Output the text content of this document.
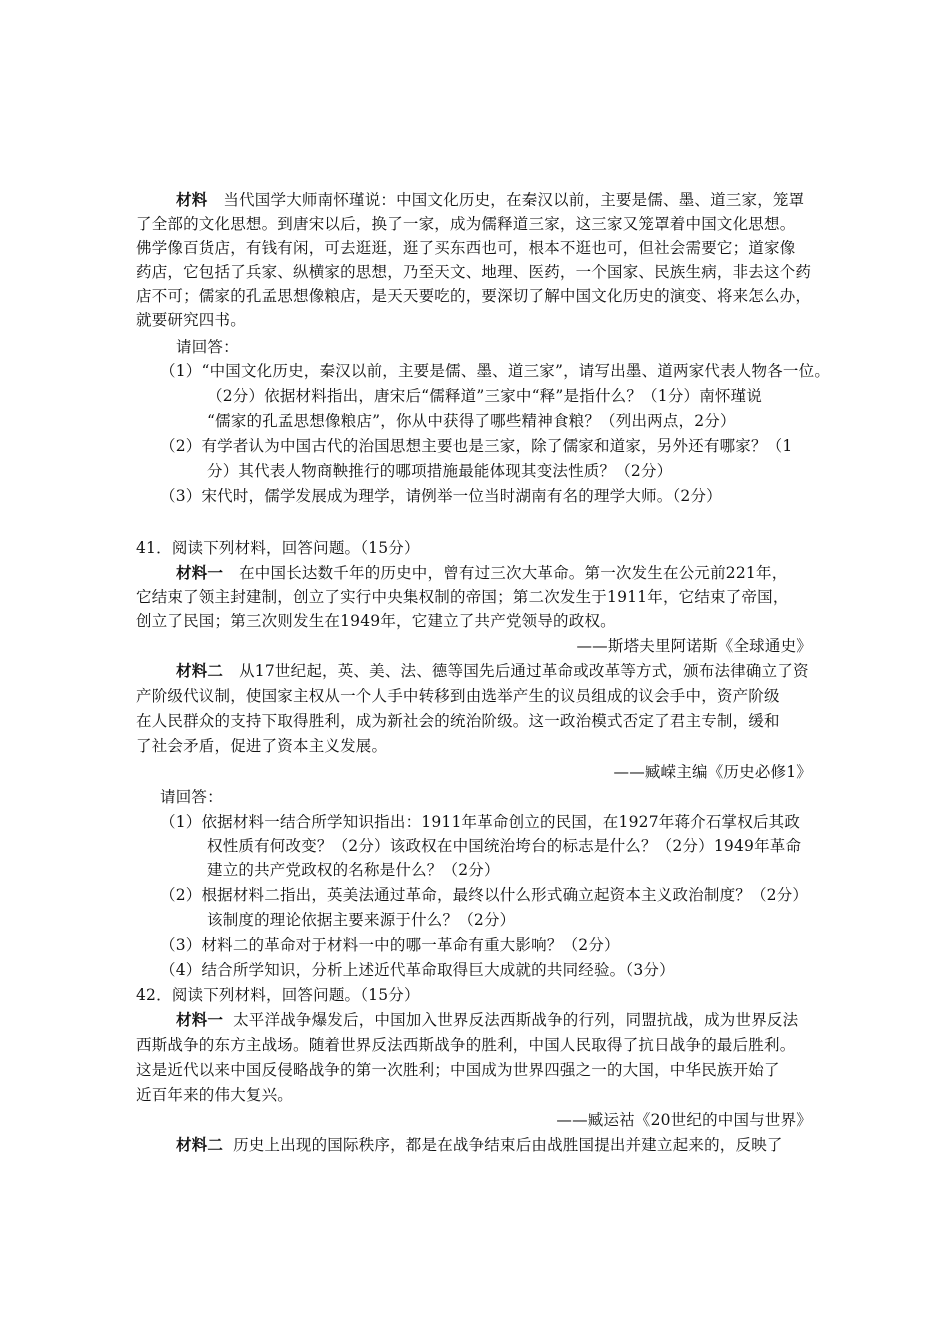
材料 当代国学大师南怀瑾说：中国文化历史，在秦汉以前，主要是儒、墨、道三家，笼罩
了全部的文化思想。到唐宋以后，换了一家，成为儒释道三家，这三家又笼罩着中国文化思想。
佛学像百货店，有钱有闲，可去逛逛，逛了买东西也可，根本不逛也可，但社会需要它；道家像
药店，它包括了兵家、纵横家的思想，乃至天文、地理、医药，一个国家、民族生病，非去这个药
店不可；儒家的孔孟思想像粮店，是天天要吃的，要深切了解中国文化历史的演变、将来怎么办，
就要研究四书。
请回答：
（1）“中国文化历史，秦汉以前，主要是儒、墨、道三家”，请写出墨、道两家代表人物各一位。
（2分）依据材料指出，唐宋后“儒释道”三家中“释”是指什么？（1分）南怀瑾说
“儒家的孔孟思想像粮店”，你从中获得了哪些精神食粮？（列出两点，2分）
（2）有学者认为中国古代的治国思想主要也是三家，除了儒家和道家，另外还有哪家？（1
分）其代表人物商鞅推行的哪项措施最能体现其变法性质？（2分）
（3）宋代时，儒学发展成为理学，请例举一位当时湖南有名的理学大师。（2分）
41．阅读下列材料，回答问题。（15分）
材料一 在中国长达数千年的历史中，曾有过三次大革命。第一次发生在公元前221年，
它结束了领主封建制，创立了实行中央集权制的帝国；第二次发生于1911年，它结束了帝国，
创立了民国；第三次则发生在1949年，它建立了共产党领导的政权。
——斯塔夫里阿诺斯《全球通史》
材料二 从17世纪起，英、美、法、德等国先后通过革命或改革等方式，颁布法律确立了资
产阶级代议制，使国家主权从一个人手中转移到由选举产生的议员组成的议会手中，资产阶级
在人民群众的支持下取得胜利，成为新社会的统治阶级。这一政治模式否定了君主专制，缓和
了社会矛盾，促进了资本主义发展。
——臧嵘主编《历史必修1》
请回答：
（1）依据材料一结合所学知识指出：1911年革命创立的民国，在1927年蒋介石掌权后其政
权性质有何改变？（2分）该政权在中国统治垮台的标志是什么？（2分）1949年革命
建立的共产党政权的名称是什么？（2分）
（2）根据材料二指出，英美法通过革命，最终以什么形式确立起资本主义政治制度？（2分）
该制度的理论依据主要来源于什么？（2分）
（3）材料二的革命对于材料一中的哪一革命有重大影响？（2分）
（4）结合所学知识，分析上述近代革命取得巨大成就的共同经验。（3分）
42．阅读下列材料，回答问题。（15分）
材料一 太平洋战争爆发后，中国加入世界反法西斯战争的行列，同盟抗战，成为世界反法
西斯战争的东方主战场。随着世界反法西斯战争的胜利，中国人民取得了抗日战争的最后胜利。
这是近代以来中国反侵略战争的第一次胜利；中国成为世界四强之一的大国，中华民族开始了
近百年来的伟大复兴。
——臧运祜《20世纪的中国与世界》
材料二 历史上出现的国际秩序，都是在战争结束后由战胜国提出并建立起来的，反映了
